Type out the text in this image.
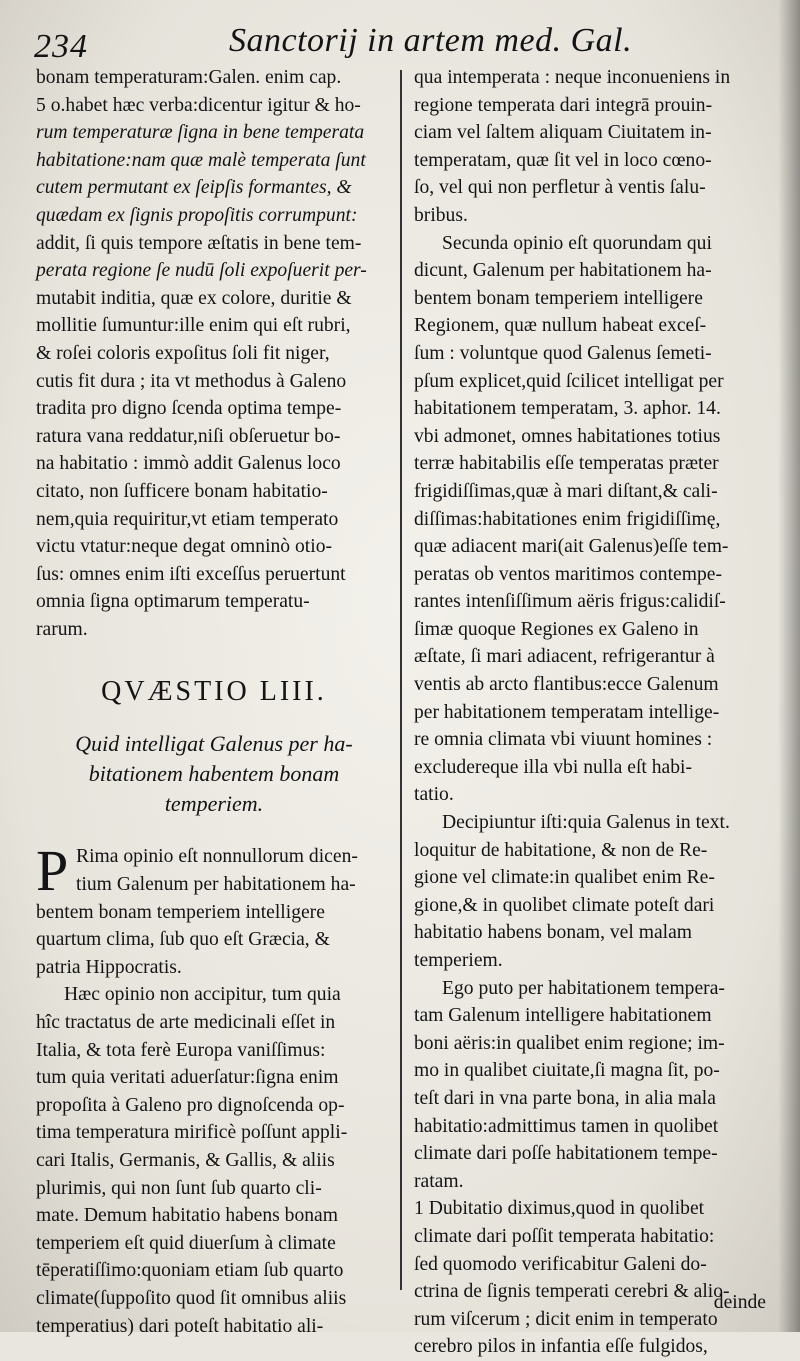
234	Sanctorij in artem med. Gal.
bonam temperaturam:Galen. enim cap.
5 o.habet hæc verba:dicentur igitur & ho-
rum temperaturæ ſigna in bene temperata
habitatione:nam quæ malè temperata ſunt
cutem permutant ex ſeipſis formantes, &
quædam ex ſignis propoſitis corrumpunt:
addit, ſi quis tempore æſtatis in bene tem-
perata regione ſe nudū ſoli expoſuerit per-
mutabit inditia, quæ ex colore, duritie &
mollitie ſumuntur:ille enim qui eſt rubri,
& roſei coloris expoſitus ſoli fit niger,
cutis fit dura ; ita vt methodus à Galeno
tradita pro digno ſcenda optima tempe-
ratura vana reddatur,niſi obſeruetur bo-
na habitatio : immò addit Galenus loco
citato, non ſufficere bonam habitatio-
nem,quia requiritur,vt etiam temperato
victu vtatur:neque degat omninò otio-
ſus: omnes enim iſti exceſſus peruertunt
omnia ſigna optimarum temperatu-
rarum.
QVÆSTIO LIII.
Quid intelligat Galenus per ha-
bitationem habentem bonam
temperiem.
P Rima opinio eſt nonnullorum dicen-
tium Galenum per habitationem ha-
bentem bonam temperiem intelligere
quartum clima, ſub quo eſt Græcia, &
patria Hippocratis.
Hæc opinio non accipitur, tum quia
hîc tractatus de arte medicinali eſſet in
Italia, & tota ferè Europa vaniſſimus:
tum quia veritati aduerſatur:ſigna enim
propoſita à Galeno pro dignoſcenda op-
tima temperatura mirificè poſſunt appli-
cari Italis, Germanis, & Gallis, & aliis
plurimis, qui non ſunt ſub quarto cli-
mate. Demum habitatio habens bonam
temperiem eſt quid diuerſum à climate
tēperatiſſimo:quoniam etiam ſub quarto
climate(ſuppoſito quod ſit omnibus aliis
temperatius) dari poteſt habitatio ali-
qua intemperata : neque inconueniens in
regione temperata dari integrā prouin-
ciam vel ſaltem aliquam Ciuitatem in-
temperatam, quæ ſit vel in loco cœno-
ſo, vel qui non perfletur à ventis ſalu-
bribus.
Secunda opinio eſt quorundam qui
dicunt, Galenum per habitationem ha-
bentem bonam temperiem intelligere
Regionem, quæ nullum habeat exceſ-
ſum : voluntque quod Galenus ſemeti-
pſum explicet,quid ſcilicet intelligat per
habitationem temperatam, 3. aphor. 14.
vbi admonet, omnes habitationes totius
terræ habitabilis eſſe temperatas præter
frigidiſſimas,quæ à mari diſtant,& cali-
diſſimas:habitationes enim frigidiſſimę,
quæ adiacent mari(ait Galenus)eſſe tem-
peratas ob ventos maritimos contempe-
rantes intenſiſſimum aëris frigus:calidiſ-
ſimæ quoque Regiones ex Galeno in
æſtate, ſi mari adiacent, refrigerantur à
ventis ab arcto flantibus:ecce Galenum
per habitationem temperatam intellige-
re omnia climata vbi viuunt homines :
excludereque illa vbi nulla eſt habi-
tatio.
Decipiuntur iſti:quia Galenus in text.
loquitur de habitatione, & non de Re-
gione vel climate:in qualibet enim Re-
gione,& in quolibet climate poteſt dari
habitatio habens bonam, vel malam
temperiem.
Ego puto per habitationem tempera-
tam Galenum intelligere habitationem
boni aëris:in qualibet enim regione; im-
mo in qualibet ciuitate,ſi magna ſit, po-
teſt dari in vna parte bona, in alia mala
habitatio:admittimus tamen in quolibet
climate dari poſſe habitationem tempe-
ratam.
1 Dubitatio diximus,quod in quolibet
climate dari poſſit temperata habitatio:
ſed quomodo verificabitur Galeni do-
ctrina de ſignis temperati cerebri & alio-
rum viſcerum ; dicit enim in temperato
cerebro pilos in infantia eſſe fulgidos,
deinde
